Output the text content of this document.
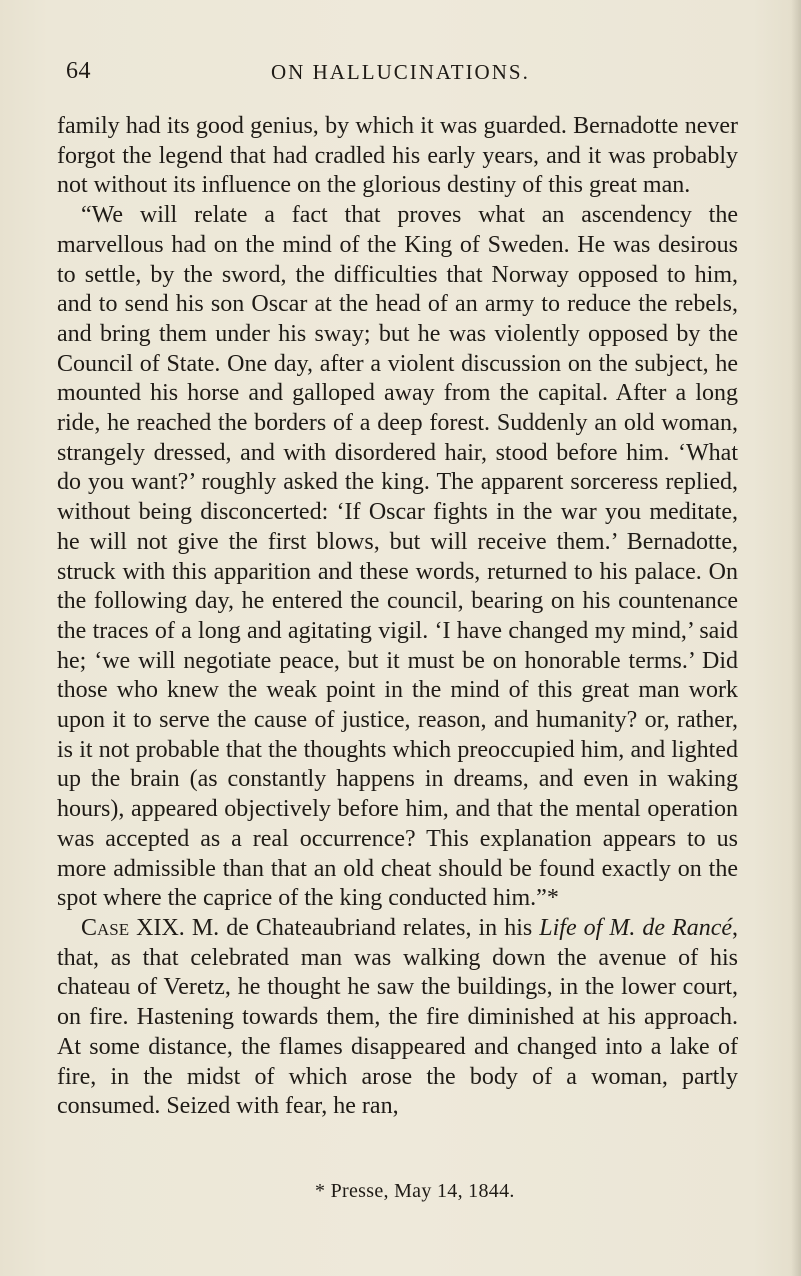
64	ON HALLUCINATIONS.

family had its good genius, by which it was guarded. Bernadotte never forgot the legend that had cradled his early years, and it was probably not without its influence on the glorious destiny of this great man.

“We will relate a fact that proves what an ascendency the marvellous had on the mind of the King of Sweden. He was desirous to settle, by the sword, the difficulties that Norway opposed to him, and to send his son Oscar at the head of an army to reduce the rebels, and bring them under his sway; but he was violently opposed by the Council of State. One day, after a violent discussion on the subject, he mounted his horse and galloped away from the capital. After a long ride, he reached the borders of a deep forest. Suddenly an old woman, strangely dressed, and with disordered hair, stood before him. ‘What do you want?’ roughly asked the king. The apparent sorceress replied, without being disconcerted: ‘If Oscar fights in the war you meditate, he will not give the first blows, but will receive them.’ Bernadotte, struck with this apparition and these words, returned to his palace. On the following day, he entered the council, bearing on his countenance the traces of a long and agitating vigil. ‘I have changed my mind,’ said he; ‘we will negotiate peace, but it must be on honorable terms.’ Did those who knew the weak point in the mind of this great man work upon it to serve the cause of justice, reason, and humanity? or, rather, is it not probable that the thoughts which preoccupied him, and lighted up the brain (as constantly happens in dreams, and even in waking hours), appeared objectively before him, and that the mental operation was accepted as a real occurrence? This explanation appears to us more admissible than that an old cheat should be found exactly on the spot where the caprice of the king conducted him.”*

Case XIX. M. de Chateaubriand relates, in his Life of M. de Rancé, that, as that celebrated man was walking down the avenue of his chateau of Veretz, he thought he saw the buildings, in the lower court, on fire. Hastening towards them, the fire diminished at his approach. At some distance, the flames disappeared and changed into a lake of fire, in the midst of which arose the body of a woman, partly consumed. Seized with fear, he ran,

* Presse, May 14, 1844.
